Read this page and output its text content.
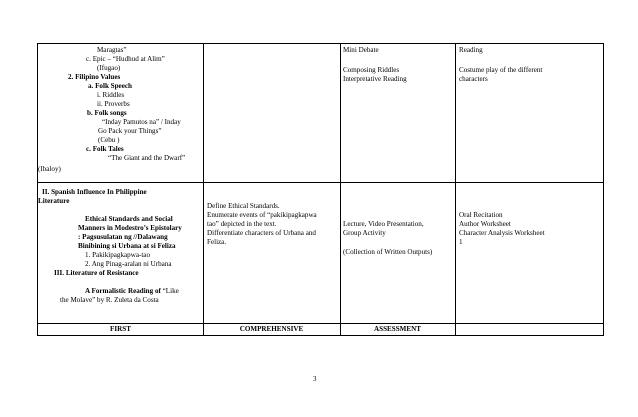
Maragtas”
c. Epic – “Hudhud at Alim”
(Ifugao)
2. Filipino Values
a. Folk Speech
i. Riddles
ii. Proverbs
b. Folk songs
“Inday Pamutos na” / Inday
Go Pack your Things”
(Cebu )
c. Folk Tales
“The Giant and the Dwarf”
(Ibaloy)
Mini Debate
Composing Riddles
Interpretative Reading
Reading
Costume play of the different
characters
II. Spanish Influence In Philippine
Literature
Ethical Standards and Social
Manners in Modestro’s Epistolary
: Pagsusulatan ng //Dalawang
Binibining si Urbana at si Feliza
1. Pakikipagkapwa-tao
2. Ang Pinag-aralan ni Urbana
III. Literature of Resistance
A Formalistic Reading of “Like
the Molave” by R. Zuleta da Costa
Define Ethical Standards.
Enumerate events of “pakikipagkapwa
tao” depicted in the text.
Differentiate characters of Urbana and
Feliza.
Lecture, Video Presentation,
Group Activity
(Collection of Written Outputs)
Oral Recitation
Author Worksheet
Character Analysis Worksheet
1
FIRST	COMPREHENSIVE	ASSESSMENT
3
